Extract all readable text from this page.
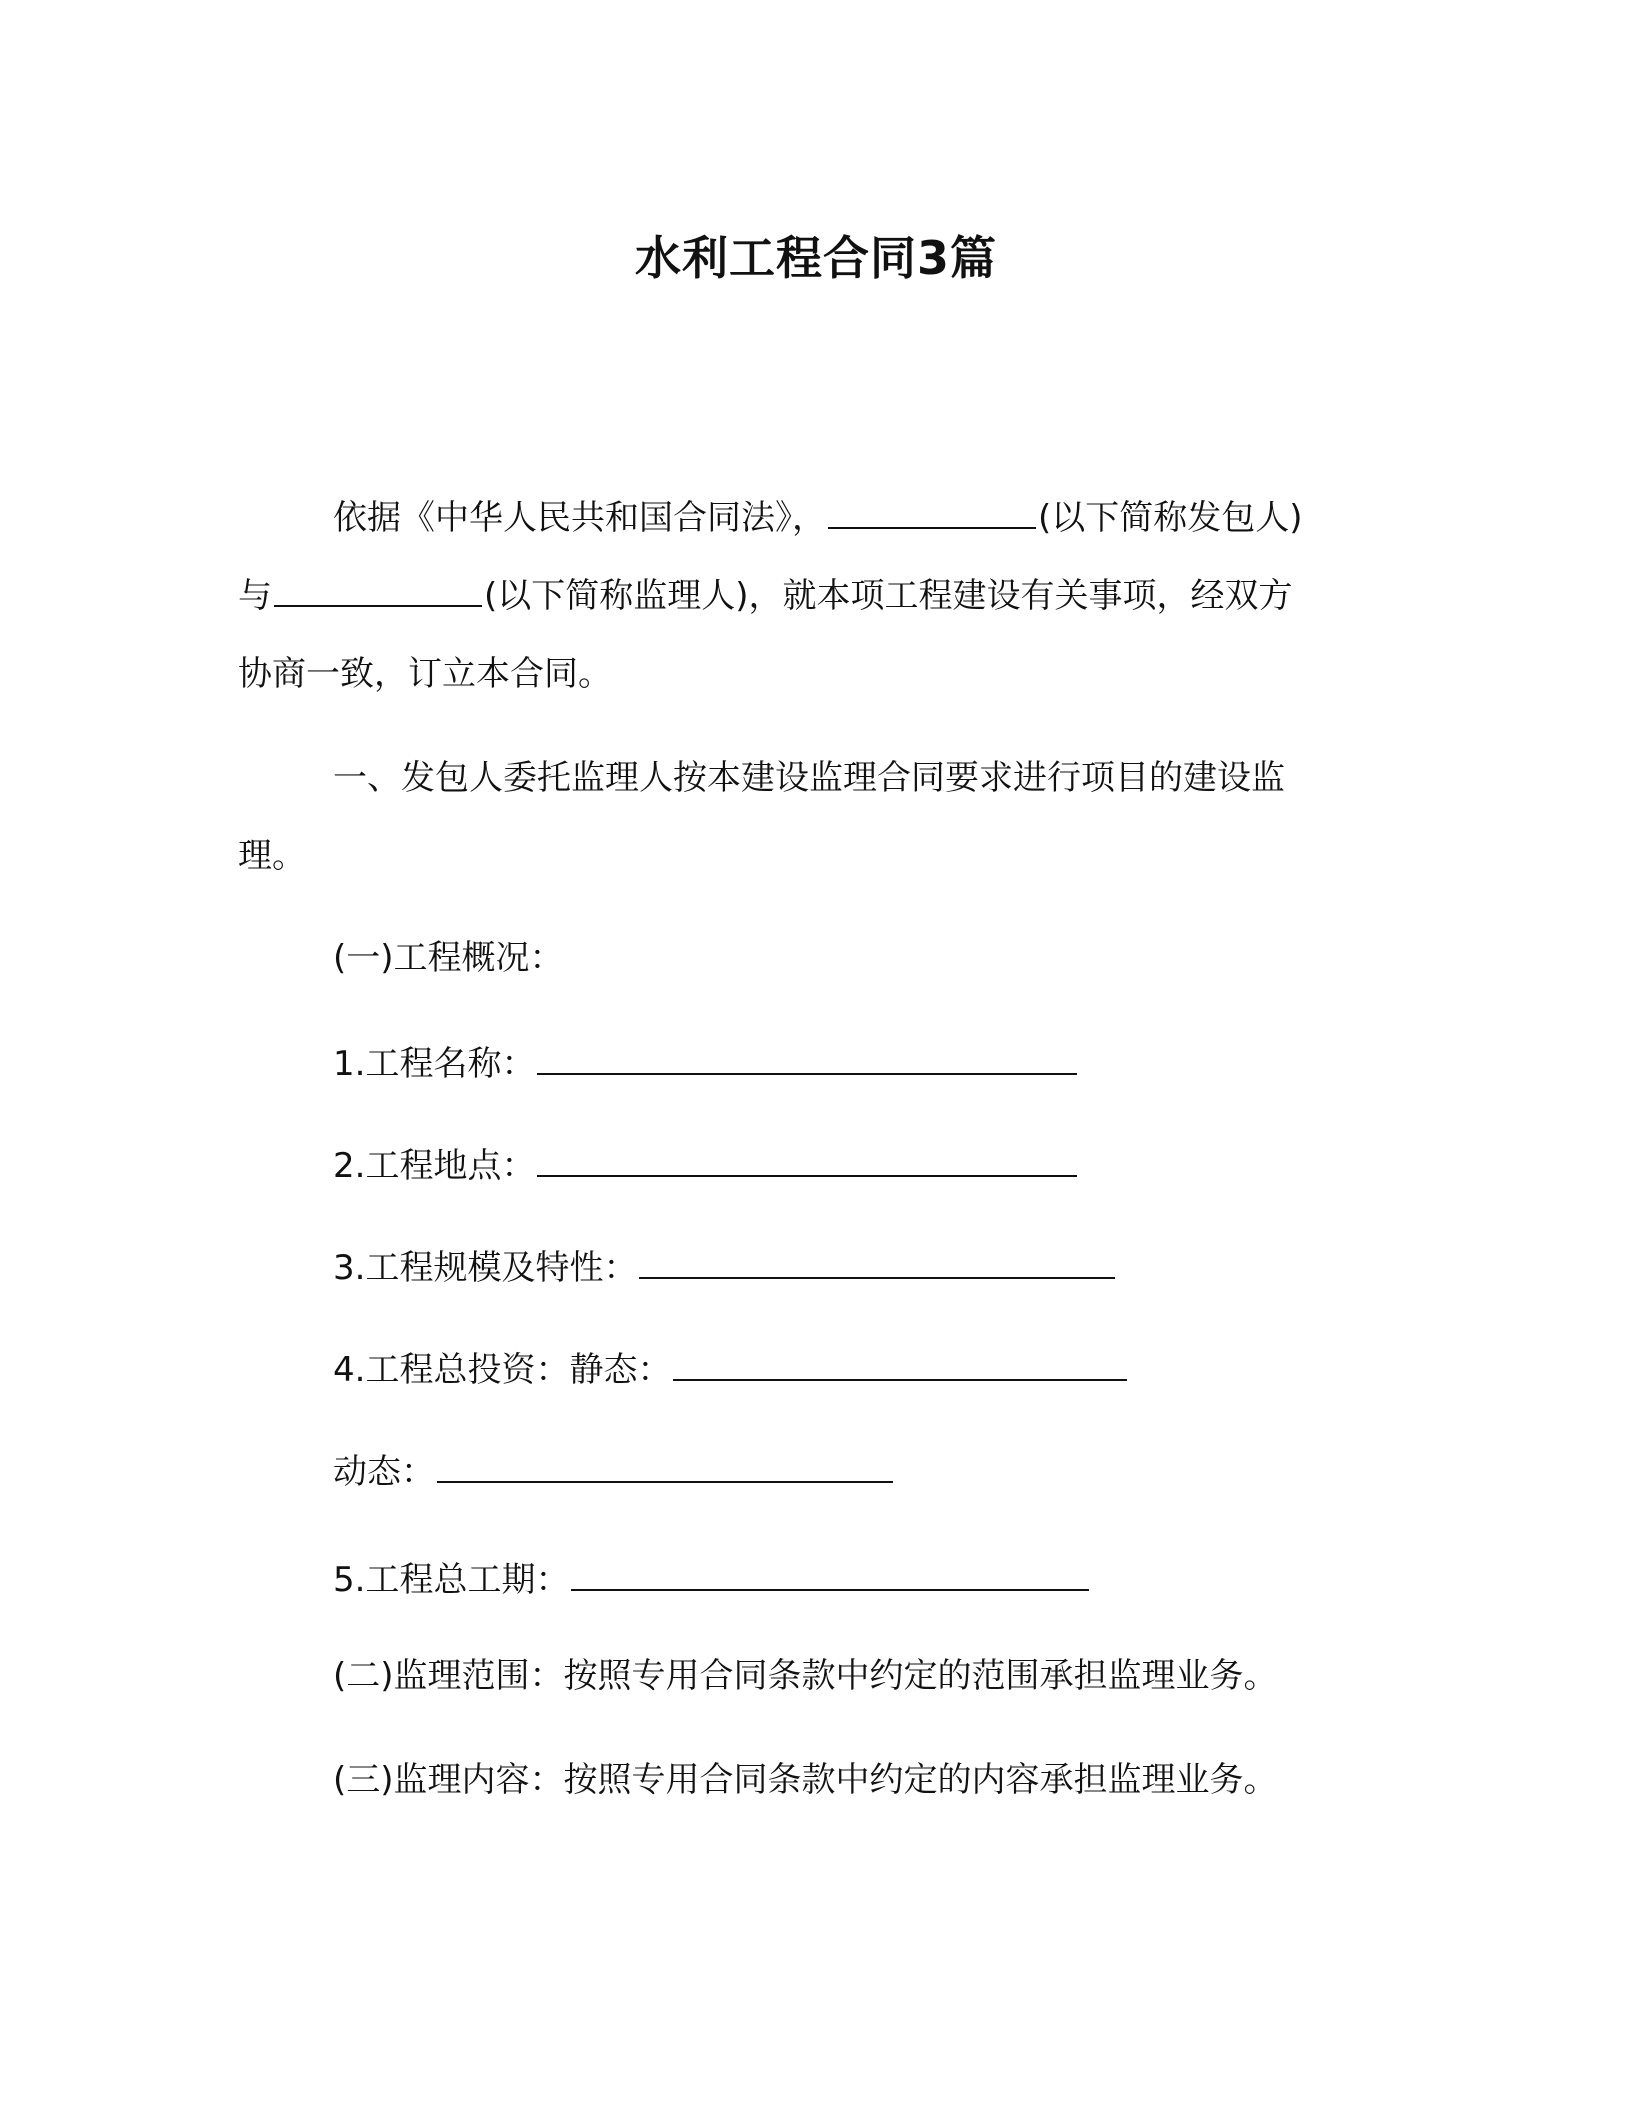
水利工程合同3篇
依据《中华人民共和国合同法》，	(以下简称发包人)
与	(以下简称监理人)，就本项工程建设有关事项，经双方
协商一致，订立本合同。
一、发包人委托监理人按本建设监理合同要求进行项目的建设监
理。
(一)工程概况：
1.工程名称：
2.工程地点：
3.工程规模及特性：
4.工程总投资：静态：
动态：
5.工程总工期：
(二)监理范围：按照专用合同条款中约定的范围承担监理业务。
(三)监理内容：按照专用合同条款中约定的内容承担监理业务。
